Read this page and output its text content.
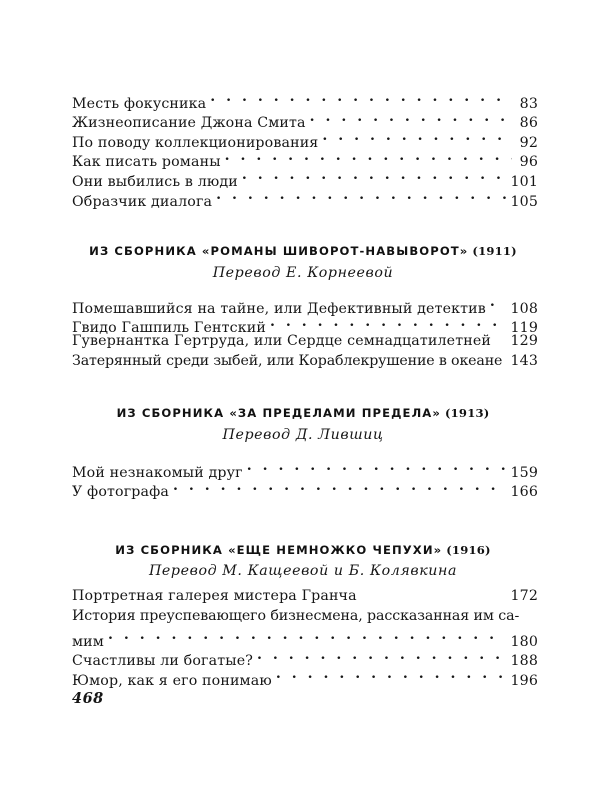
Месть фокусника . . .	83
Жизнеописание Джона Смита . . .	86
По поводу коллекционирования . . .	92
Как писать романы . . .	96
Они выбились в люди . . .	101
Образчик диалога . . .	105
ИЗ СБОРНИКА «РОМАНЫ ШИВОРОТ-НАВЫВОРОТ» (1911)
Перевод Е. Корнеевой
Помешавшийся на тайне, или Дефективный детектив . . . 108
Гвидо Гашпиль Гентский . . .	119
Гувернантка Гертруда, или Сердце семнадцатилетней 129
Затерянный среди зыбей, или Кораблекрушение в океане 143
ИЗ СБОРНИКА «ЗА ПРЕДЕЛАМИ ПРЕДЕЛА» (1913)
Перевод Д. Лившиц
Мой незнакомый друг . . .	159
У фотографа . . .	166
ИЗ СБОРНИКА «ЕЩЕ НЕМНОЖКО ЧЕПУХИ» (1916)
Перевод М. Кащеевой и Б. Колявкина
Портретная галерея мистера Гранча	172
История преуспевающего бизнесмена, рассказанная им са-
мим . . .	180
Счастливы ли богатые? . . .	188
Юмор, как я его понимаю . . .	196
468
